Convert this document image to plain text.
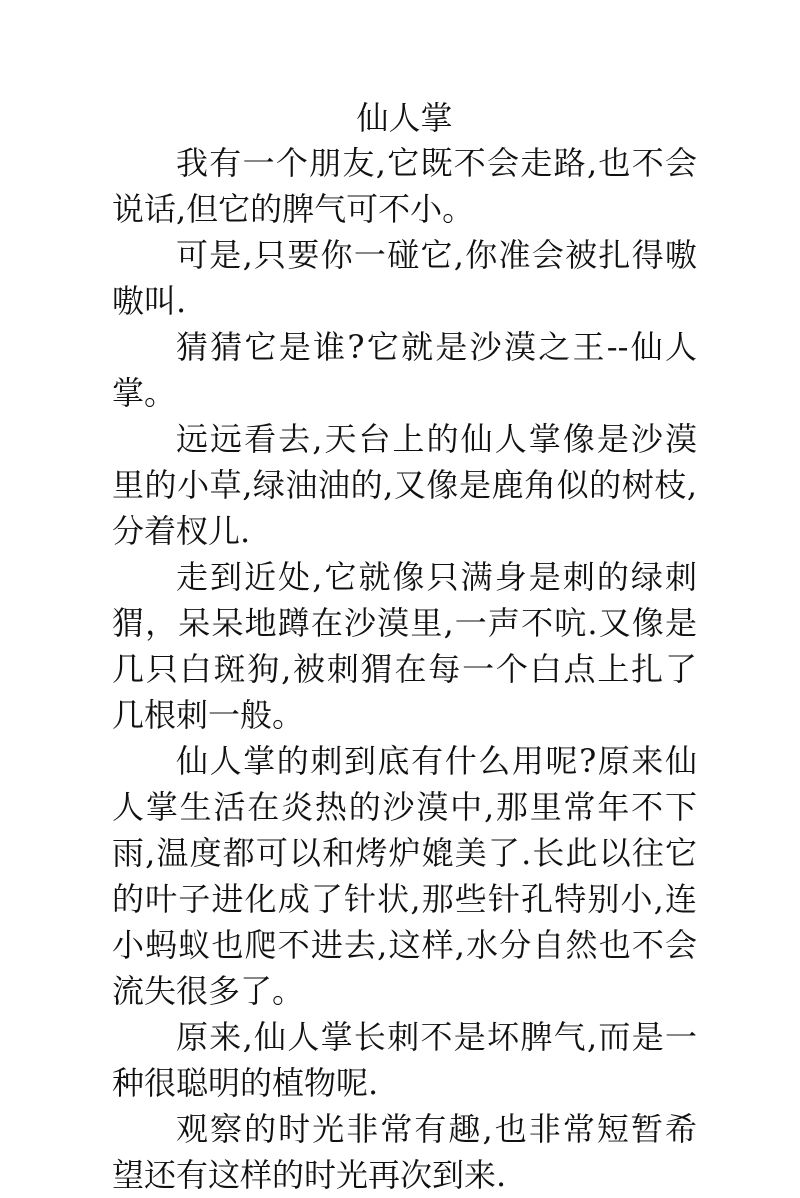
仙人掌

我有一个朋友,它既不会走路,也不会说话,但它的脾气可不小。

可是,只要你一碰它,你准会被扎得嗷嗷叫.

猜猜它是谁?它就是沙漠之王--仙人掌。

远远看去,天台上的仙人掌像是沙漠里的小草,绿油油的,又像是鹿角似的树枝,分着杈儿.

走到近处,它就像只满身是刺的绿刺猬，呆呆地蹲在沙漠里,一声不吭.又像是几只白斑狗,被刺猬在每一个白点上扎了几根刺一般。

仙人掌的刺到底有什么用呢?原来仙人掌生活在炎热的沙漠中,那里常年不下雨,温度都可以和烤炉媲美了.长此以往它的叶子进化成了针状,那些针孔特别小,连小蚂蚁也爬不进去,这样,水分自然也不会流失很多了。

原来,仙人掌长刺不是坏脾气,而是一种很聪明的植物呢.

观察的时光非常有趣,也非常短暂希望还有这样的时光再次到来.
